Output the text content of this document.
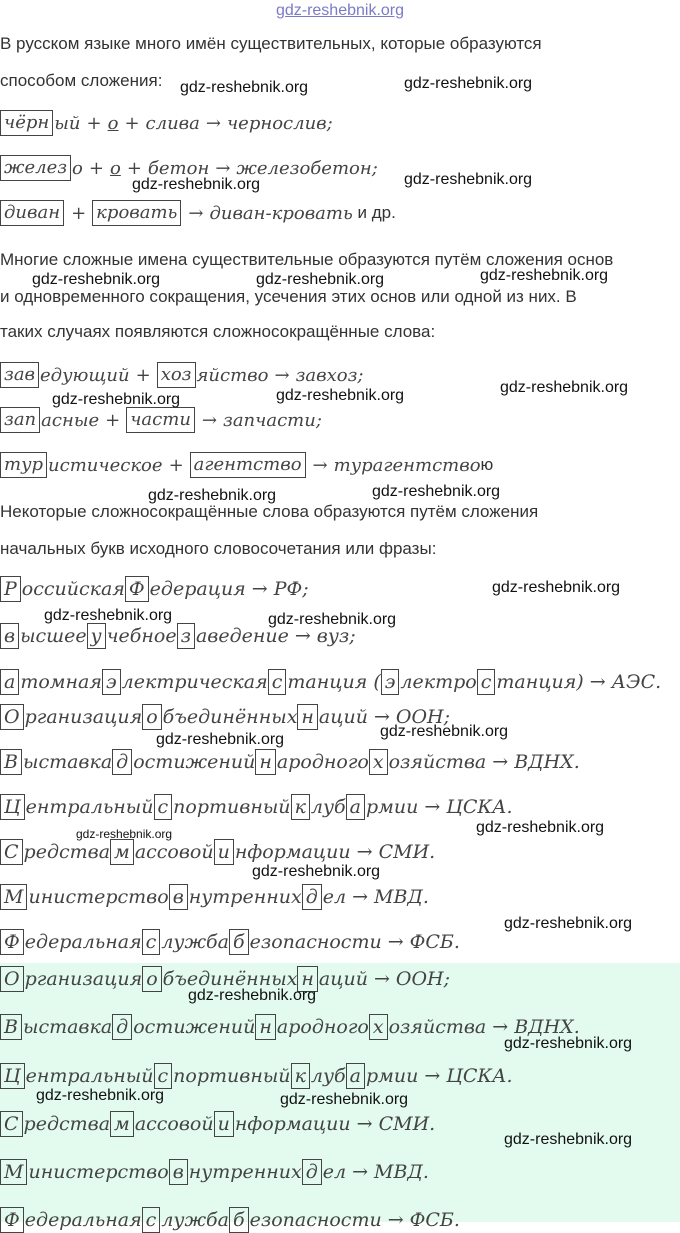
gdz-reshebnik.org
В русском языке много имён существительных, которые образуются
способом сложения:
Многие сложные имена существительные образуются путём сложения основ
и одновременного сокращения, усечения этих основ или одной из них. В
таких случаях появляются сложносокращённые слова:
Некоторые сложносокращённые слова образуются путём сложения
начальных букв исходного словосочетания или фразы:
чёрн ый + о + слива → чернослив;
желез о + о + бетон → железобетон;
диван + кровать → диван-кровать и др.
зав едующий + хоз яйство → завхоз;
зап асные + части → запчасти;
тур истическое + агентство → турагентствою
Р оссийская Ф едерация → РФ;
в ысшее у чебное з аведение → вуз;
а томная э лектрическая с танция ( э лектро с танция) → АЭС.
О рганизация о бъединённых н аций → ООН;
В ыставка д остижений н ародного х озяйства → ВДНХ.
Ц ентральный с портивный к луб а рмии → ЦСКА.
С редства м ассовой и нформации → СМИ.
М инистерство в нутренних д ел → МВД.
Ф едеральная с лужба б езопасности → ФСБ.
О рганизация о бъединённых н аций → ООН;
В ыставка д остижений н ародного х озяйства → ВДНХ.
Ц ентральный с портивный к луб а рмии → ЦСКА.
С редства м ассовой и нформации → СМИ.
М инистерство в нутренних д ел → МВД.
Ф едеральная с лужба б езопасности → ФСБ.
gdz-reshebnik.org	gdz-reshebnik.org
gdz-reshebnik.org	gdz-reshebnik.org
gdz-reshebnik.org	gdz-reshebnik.org	gdz-reshebnik.org
gdz-reshebnik.org
gdz-reshebnik.org	gdz-reshebnik.org
gdz-reshebnik.org	gdz-reshebnik.org
gdz-reshebnik.org
gdz-reshebnik.org	gdz-reshebnik.org
gdz-reshebnik.org
gdz-reshebnik.org
gdz-reshebnik.org	gdz-reshebnik.org
gdz-reshebnik.org
gdz-reshebnik.org
gdz-reshebnik.org
gdz-reshebnik.org
gdz-reshebnik.org	gdz-reshebnik.org
gdz-reshebnik.org
